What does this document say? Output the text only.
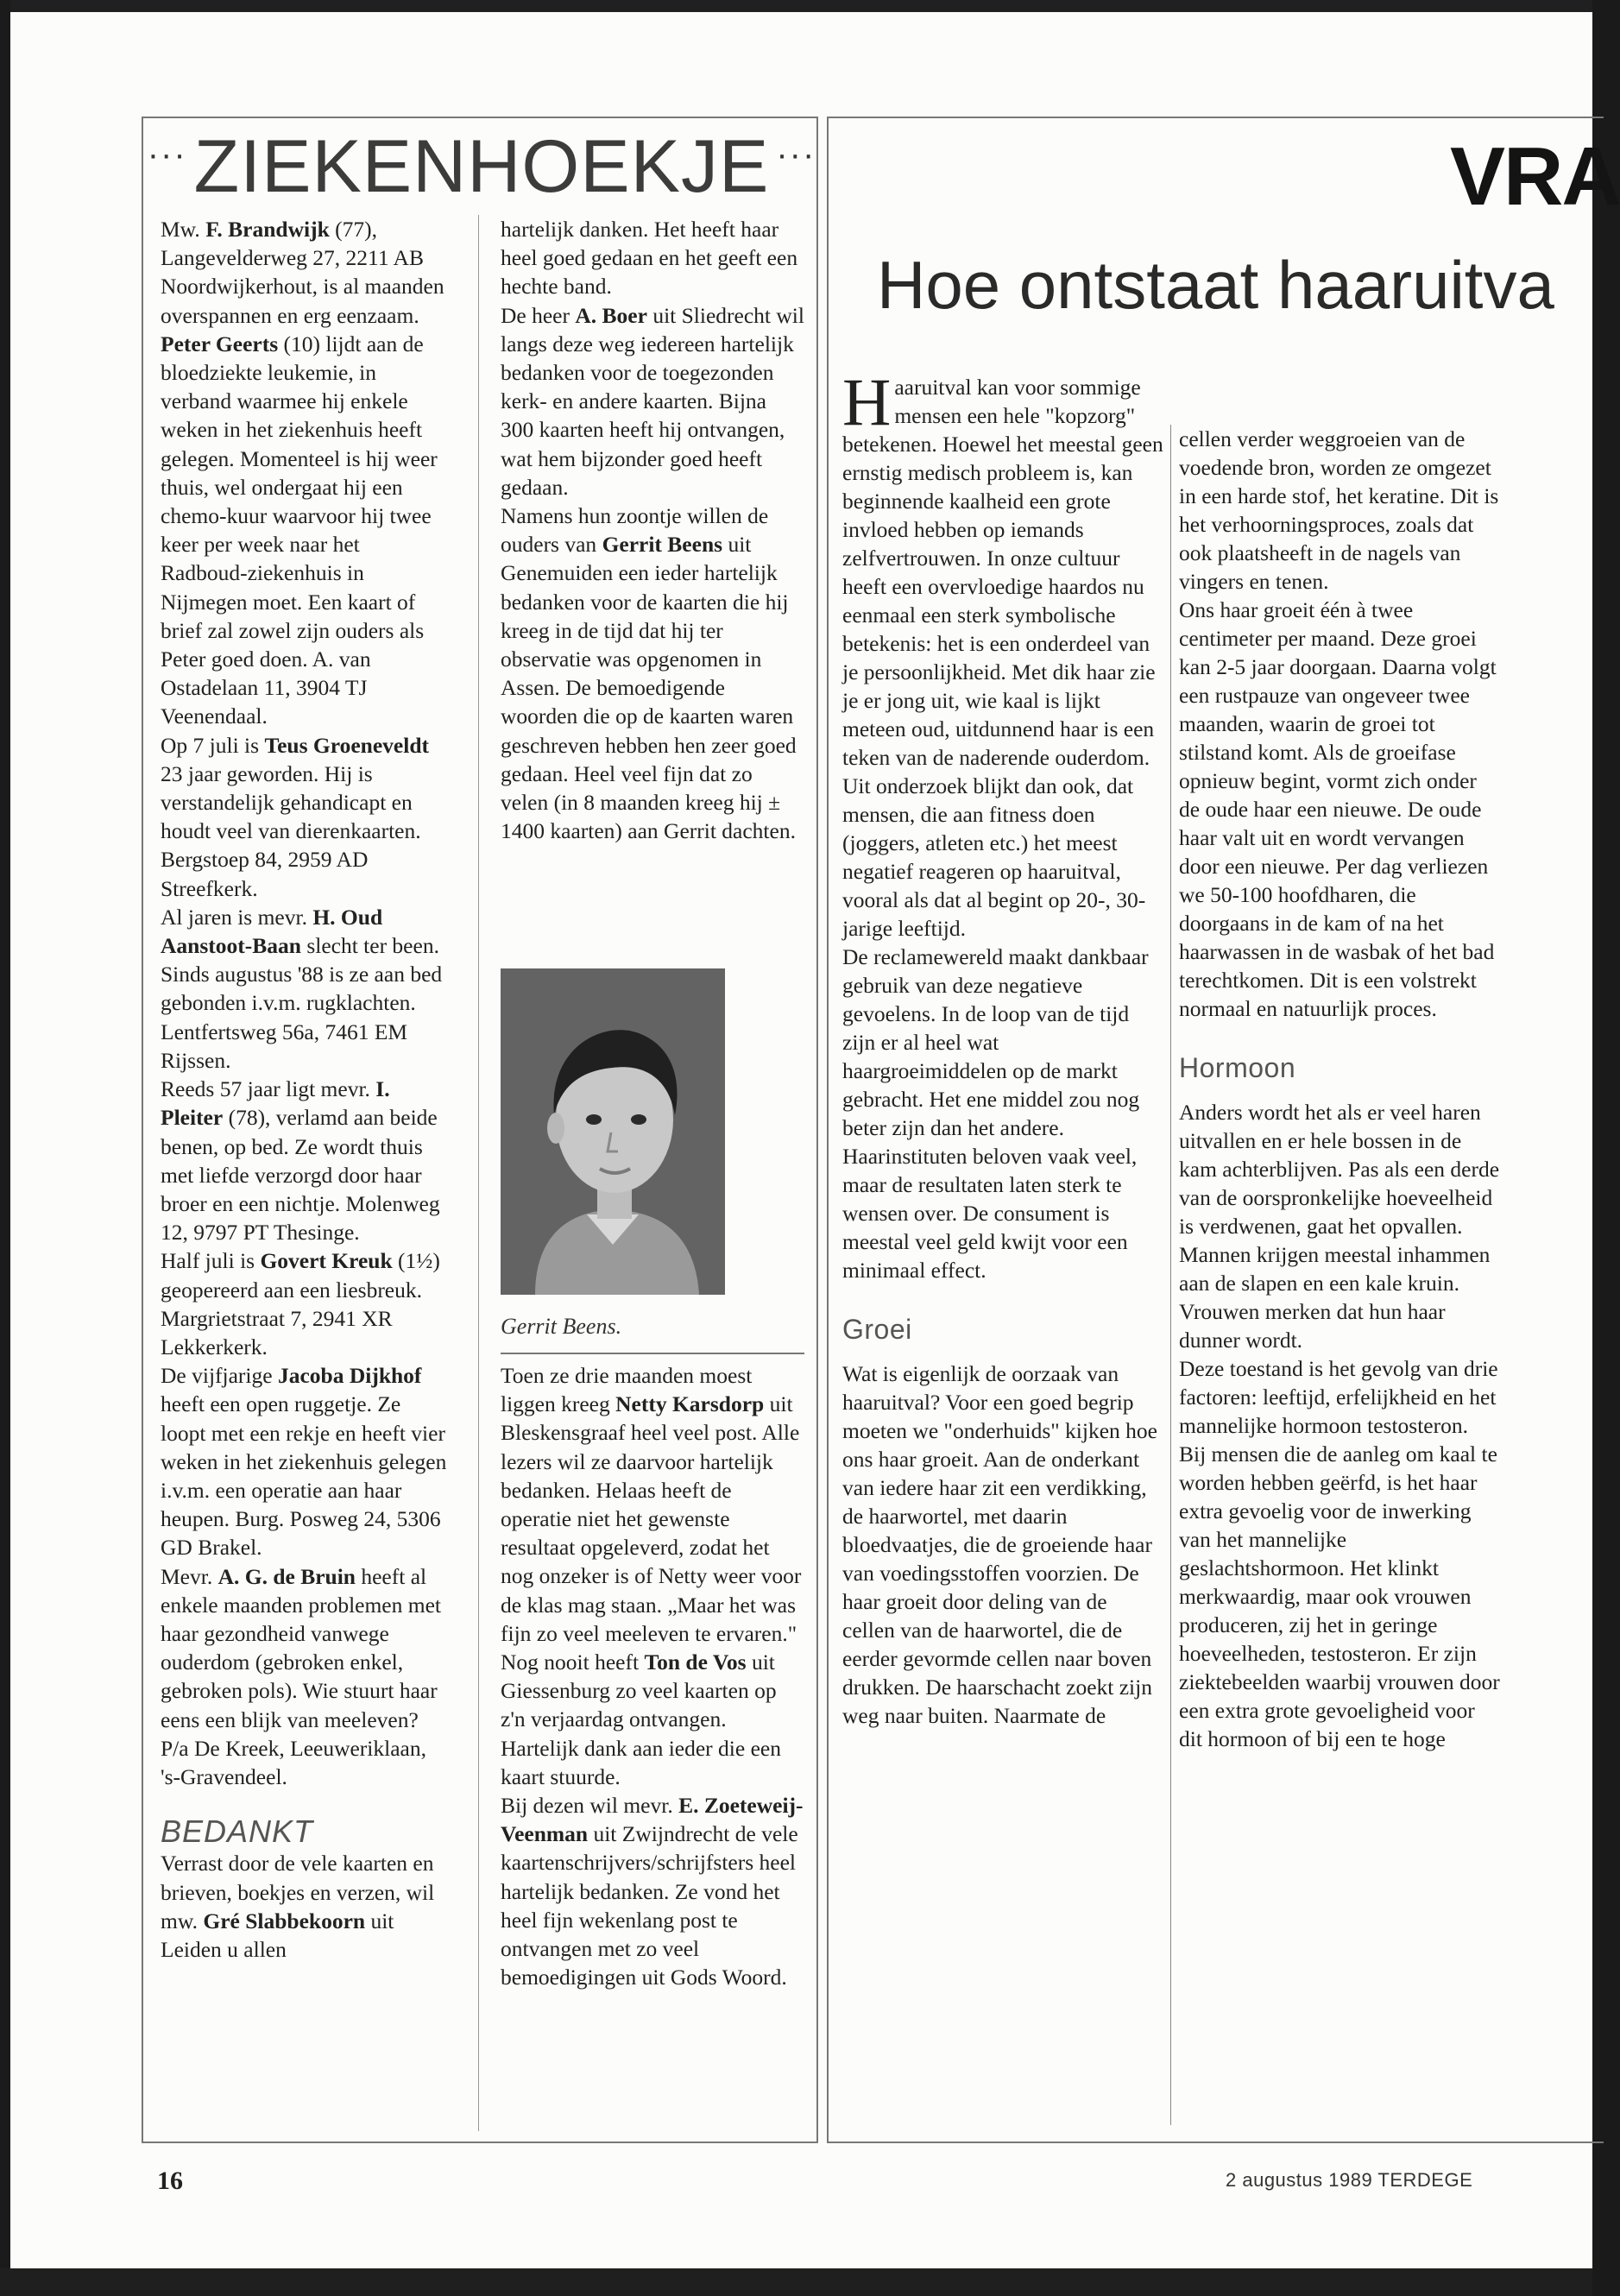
··· ZIEKENHOEKJE ···

Mw. F. Brandwijk (77), Langevelderweg 27, 2211 AB Noordwijkerhout, is al maanden overspannen en erg eenzaam.

Peter Geerts (10) lijdt aan de bloedziekte leukemie, in verband waarmee hij enkele weken in het ziekenhuis heeft gelegen. Momenteel is hij weer thuis, wel ondergaat hij een chemo-kuur waarvoor hij twee keer per week naar het Radboud-ziekenhuis in Nijmegen moet. Een kaart of brief zal zowel zijn ouders als Peter goed doen. A. van Ostadelaan 11, 3904 TJ Veenendaal.

Op 7 juli is Teus Groeneveldt 23 jaar geworden. Hij is verstandelijk gehandicapt en houdt veel van dierenkaarten. Bergstoep 84, 2959 AD Streefkerk.

Al jaren is mevr. H. Oud Aanstoot-Baan slecht ter been. Sinds augustus '88 is ze aan bed gebonden i.v.m. rugklachten. Lentfertsweg 56a, 7461 EM Rijssen.

Reeds 57 jaar ligt mevr. I. Pleiter (78), verlamd aan beide benen, op bed. Ze wordt thuis met liefde verzorgd door haar broer en een nichtje. Molenweg 12, 9797 PT Thesinge.

Half juli is Govert Kreuk (1½) geopereerd aan een liesbreuk. Margrietstraat 7, 2941 XR Lekkerkerk.

De vijfjarige Jacoba Dijkhof heeft een open ruggetje. Ze loopt met een rekje en heeft vier weken in het ziekenhuis gelegen i.v.m. een operatie aan haar heupen. Burg. Posweg 24, 5306 GD Brakel.

Mevr. A. G. de Bruin heeft al enkele maanden problemen met haar gezondheid vanwege ouderdom (gebroken enkel, gebroken pols). Wie stuurt haar eens een blijk van meeleven? P/a De Kreek, Leeuweriklaan, 's-Gravendeel.

BEDANKT

Verrast door de vele kaarten en brieven, boekjes en verzen, wil mw. Gré Slabbekoorn uit Leiden u allen

hartelijk danken. Het heeft haar heel goed gedaan en het geeft een hechte band.

De heer A. Boer uit Sliedrecht wil langs deze weg iedereen hartelijk bedanken voor de toegezonden kerk- en andere kaarten. Bijna 300 kaarten heeft hij ontvangen, wat hem bijzonder goed heeft gedaan.

Namens hun zoontje willen de ouders van Gerrit Beens uit Genemuiden een ieder hartelijk bedanken voor de kaarten die hij kreeg in de tijd dat hij ter observatie was opgenomen in Assen. De bemoedigende woorden die op de kaarten waren geschreven hebben hen zeer goed gedaan. Heel veel fijn dat zo velen (in 8 maanden kreeg hij ± 1400 kaarten) aan Gerrit dachten.

Gerrit Beens.

Toen ze drie maanden moest liggen kreeg Netty Karsdorp uit Bleskensgraaf heel veel post. Alle lezers wil ze daarvoor hartelijk bedanken. Helaas heeft de operatie niet het gewenste resultaat opgeleverd, zodat het nog onzeker is of Netty weer voor de klas mag staan. „Maar het was fijn zo veel meeleven te ervaren."

Nog nooit heeft Ton de Vos uit Giessenburg zo veel kaarten op z'n verjaardag ontvangen. Hartelijk dank aan ieder die een kaart stuurde.

Bij dezen wil mevr. E. Zoeteweij-Veenman uit Zwijndrecht de vele kaartenschrijvers/schrijfsters heel hartelijk bedanken. Ze vond het heel fijn wekenlang post te ontvangen met zo veel bemoedigingen uit Gods Woord.

Haaruitval kan voor sommige mensen een hele "kopzorg" betekenen. Hoewel het meestal geen ernstig medisch probleem is, kan beginnende kaalheid een grote invloed hebben op iemands zelfvertrouwen. In onze cultuur heeft een overvloedige haardos nu eenmaal een sterk symbolische betekenis: het is een onderdeel van je persoonlijkheid. Met dik haar zie je er jong uit, wie kaal is lijkt meteen oud, uitdunnend haar is een teken van de naderende ouderdom. Uit onderzoek blijkt dan ook, dat mensen, die aan fitness doen (joggers, atleten etc.) het meest negatief reageren op haaruitval, vooral als dat al begint op 20-, 30-jarige leeftijd.

De reclamewereld maakt dankbaar gebruik van deze negatieve gevoelens. In de loop van de tijd zijn er al heel wat haargroeimiddelen op de markt gebracht. Het ene middel zou nog beter zijn dan het andere. Haarinstituten beloven vaak veel, maar de resultaten laten sterk te wensen over. De consument is meestal veel geld kwijt voor een minimaal effect.

Groei

Wat is eigenlijk de oorzaak van haaruitval? Voor een goed begrip moeten we "onderhuids" kijken hoe ons haar groeit. Aan de onderkant van iedere haar zit een verdikking, de haarwortel, met daarin bloedvaatjes, die de groeiende haar van voedingsstoffen voorzien. De haar groeit door deling van de cellen van de haarwortel, die de eerder gevormde cellen naar boven drukken. De haarschacht zoekt zijn weg naar buiten. Naarmate de

cellen verder weggroeien van de voedende bron, worden ze omgezet in een harde stof, het keratine. Dit is het verhoorningsproces, zoals dat ook plaatsheeft in de nagels van vingers en tenen.

Ons haar groeit één à twee centimeter per maand. Deze groei kan 2-5 jaar doorgaan. Daarna volgt een rustpauze van ongeveer twee maanden, waarin de groei tot stilstand komt. Als de groeifase opnieuw begint, vormt zich onder de oude haar een nieuwe. De oude haar valt uit en wordt vervangen door een nieuwe. Per dag verliezen we 50-100 hoofdharen, die doorgaans in de kam of na het haarwassen in de wasbak of het bad terechtkomen. Dit is een volstrekt normaal en natuurlijk proces.

Hormoon

Anders wordt het als er veel haren uitvallen en er hele bossen in de kam achterblijven. Pas als een derde van de oorspronkelijke hoeveelheid is verdwenen, gaat het opvallen. Mannen krijgen meestal inhammen aan de slapen en een kale kruin. Vrouwen merken dat hun haar dunner wordt.

Deze toestand is het gevolg van drie factoren: leeftijd, erfelijkheid en het mannelijke hormoon testosteron. Bij mensen die de aanleg om kaal te worden hebben geërfd, is het haar extra gevoelig voor de inwerking van het mannelijke geslachtshormoon. Het klinkt merkwaardig, maar ook vrouwen produceren, zij het in geringe hoeveelheden, testosteron. Er zijn ziektebeelden waarbij vrouwen door een extra grote gevoeligheid voor dit hormoon of bij een te hoge

VRA
Hoe ontstaat haaruitva
16	2 augustus 1989 TERDEGE
